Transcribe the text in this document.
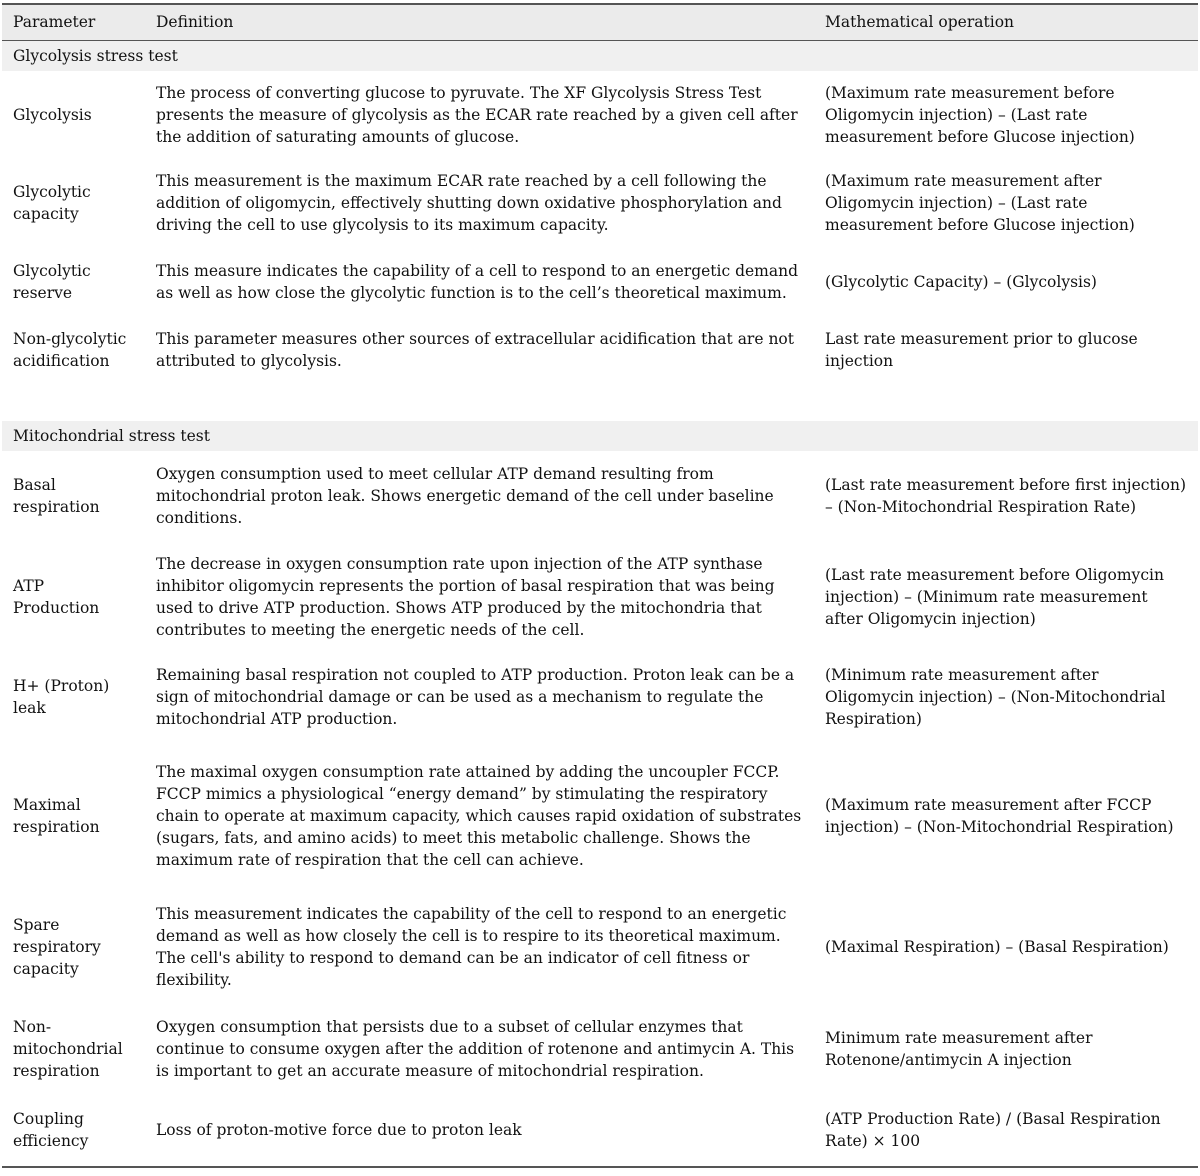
Parameter	Definition	Mathematical operation
Glycolysis stress test		
Glycolysis	The process of converting glucose to pyruvate. The XF Glycolysis Stress Test presents the measure of glycolysis as the ECAR rate reached by a given cell after the addition of saturating amounts of glucose.	(Maximum rate measurement before Oligomycin injection) – (Last rate measurement before Glucose injection)
Glycolytic capacity	This measurement is the maximum ECAR rate reached by a cell following the addition of oligomycin, effectively shutting down oxidative phosphorylation and driving the cell to use glycolysis to its maximum capacity.	(Maximum rate measurement after Oligomycin injection) – (Last rate measurement before Glucose injection)
Glycolytic reserve	This measure indicates the capability of a cell to respond to an energetic demand as well as how close the glycolytic function is to the cell’s theoretical maximum.	(Glycolytic Capacity) – (Glycolysis)
Non-glycolytic acidification	This parameter measures other sources of extracellular acidification that are not attributed to glycolysis.	Last rate measurement prior to glucose injection
Mitochondrial stress test		
Basal respiration	Oxygen consumption used to meet cellular ATP demand resulting from mitochondrial proton leak. Shows energetic demand of the cell under baseline conditions.	(Last rate measurement before first injection) – (Non-Mitochondrial Respiration Rate)
ATP Production	The decrease in oxygen consumption rate upon injection of the ATP synthase inhibitor oligomycin represents the portion of basal respiration that was being used to drive ATP production. Shows ATP produced by the mitochondria that contributes to meeting the energetic needs of the cell.	(Last rate measurement before Oligomycin injection) – (Minimum rate measurement after Oligomycin injection)
H+ (Proton) leak	Remaining basal respiration not coupled to ATP production. Proton leak can be a sign of mitochondrial damage or can be used as a mechanism to regulate the mitochondrial ATP production.	(Minimum rate measurement after Oligomycin injection) – (Non-Mitochondrial Respiration)
Maximal respiration	The maximal oxygen consumption rate attained by adding the uncoupler FCCP. FCCP mimics a physiological “energy demand” by stimulating the respiratory chain to operate at maximum capacity, which causes rapid oxidation of substrates (sugars, fats, and amino acids) to meet this metabolic challenge. Shows the maximum rate of respiration that the cell can achieve.	(Maximum rate measurement after FCCP injection) – (Non-Mitochondrial Respiration)
Spare respiratory capacity	This measurement indicates the capability of the cell to respond to an energetic demand as well as how closely the cell is to respire to its theoretical maximum. The cell's ability to respond to demand can be an indicator of cell fitness or flexibility.	(Maximal Respiration) – (Basal Respiration)
Non-mitochondrial respiration	Oxygen consumption that persists due to a subset of cellular enzymes that continue to consume oxygen after the addition of rotenone and antimycin A. This is important to get an accurate measure of mitochondrial respiration.	Minimum rate measurement after Rotenone/antimycin A injection
Coupling efficiency	Loss of proton-motive force due to proton leak	(ATP Production Rate) / (Basal Respiration Rate) × 100
